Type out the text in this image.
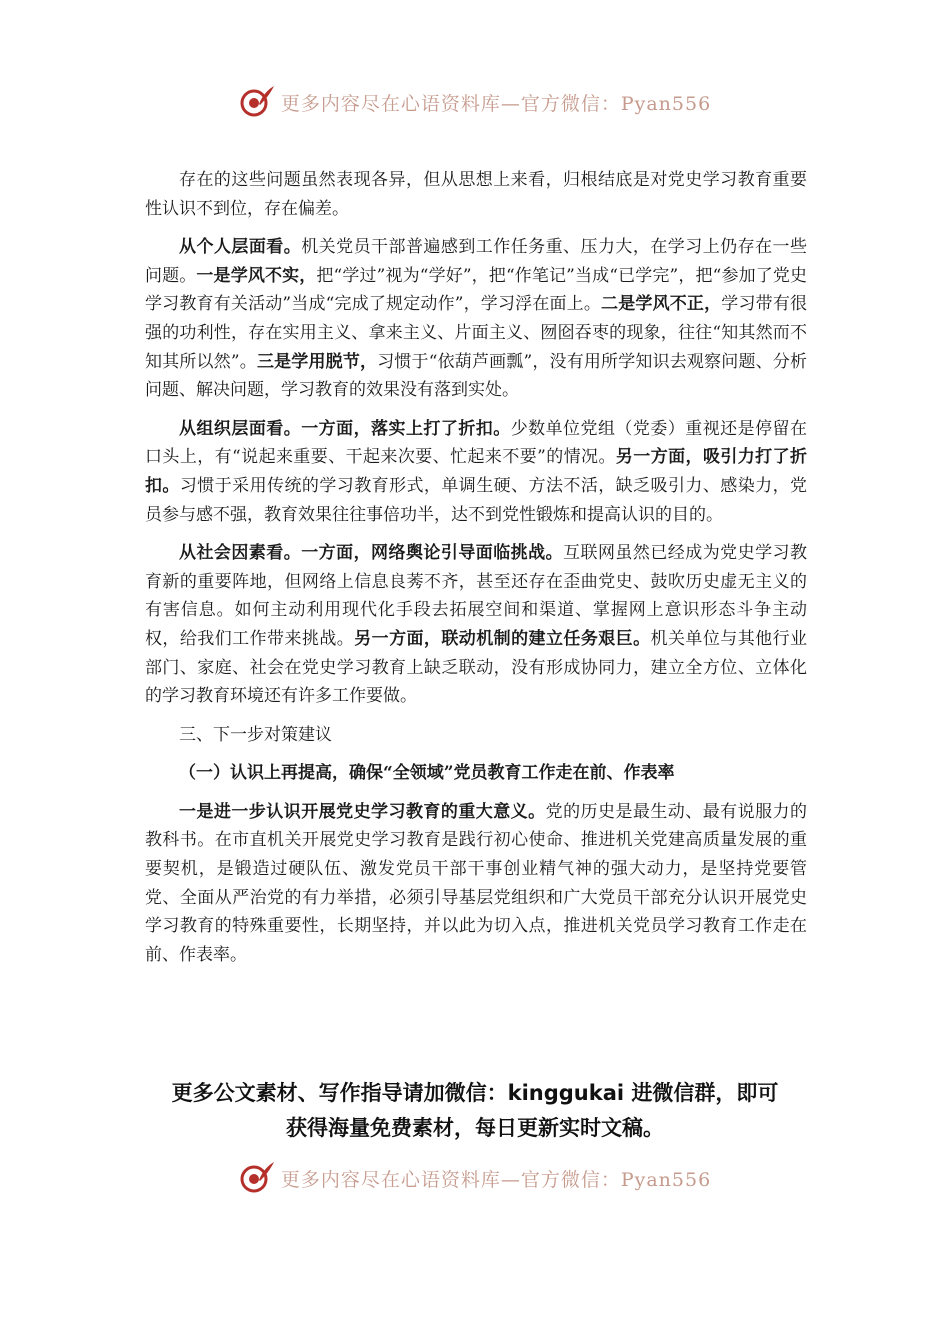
更多内容尽在心语资料库—官方微信：Pyan556

存在的这些问题虽然表现各异，但从思想上来看，归根结底是对党史学习教育重要性认识不到位，存在偏差。

从个人层面看。机关党员干部普遍感到工作任务重、压力大，在学习上仍存在一些问题。一是学风不实，把“学过”视为“学好”，把“作笔记”当成“已学完”，把“参加了党史学习教育有关活动”当成“完成了规定动作”，学习浮在面上。二是学风不正，学习带有很强的功利性，存在实用主义、拿来主义、片面主义、囫囵吞枣的现象，往往“知其然而不知其所以然”。三是学用脱节，习惯于“依葫芦画瓢”，没有用所学知识去观察问题、分析问题、解决问题，学习教育的效果没有落到实处。

从组织层面看。一方面，落实上打了折扣。少数单位党组（党委）重视还是停留在口头上，有“说起来重要、干起来次要、忙起来不要”的情况。另一方面，吸引力打了折扣。习惯于采用传统的学习教育形式，单调生硬、方法不活，缺乏吸引力、感染力，党员参与感不强，教育效果往往事倍功半，达不到党性锻炼和提高认识的目的。

从社会因素看。一方面，网络舆论引导面临挑战。互联网虽然已经成为党史学习教育新的重要阵地，但网络上信息良莠不齐，甚至还存在歪曲党史、鼓吹历史虚无主义的有害信息。如何主动利用现代化手段去拓展空间和渠道、掌握网上意识形态斗争主动权，给我们工作带来挑战。另一方面，联动机制的建立任务艰巨。机关单位与其他行业部门、家庭、社会在党史学习教育上缺乏联动，没有形成协同力，建立全方位、立体化的学习教育环境还有许多工作要做。

三、下一步对策建议

（一）认识上再提高，确保“全领域”党员教育工作走在前、作表率

一是进一步认识开展党史学习教育的重大意义。党的历史是最生动、最有说服力的教科书。在市直机关开展党史学习教育是践行初心使命、推进机关党建高质量发展的重要契机，是锻造过硬队伍、激发党员干部干事创业精气神的强大动力，是坚持党要管党、全面从严治党的有力举措，必须引导基层党组织和广大党员干部充分认识开展党史学习教育的特殊重要性，长期坚持，并以此为切入点，推进机关党员学习教育工作走在前、作表率。

更多公文素材、写作指导请加微信：kinggukai 进微信群，即可
获得海量免费素材，每日更新实时文稿。
更多内容尽在心语资料库—官方微信：Pyan556
